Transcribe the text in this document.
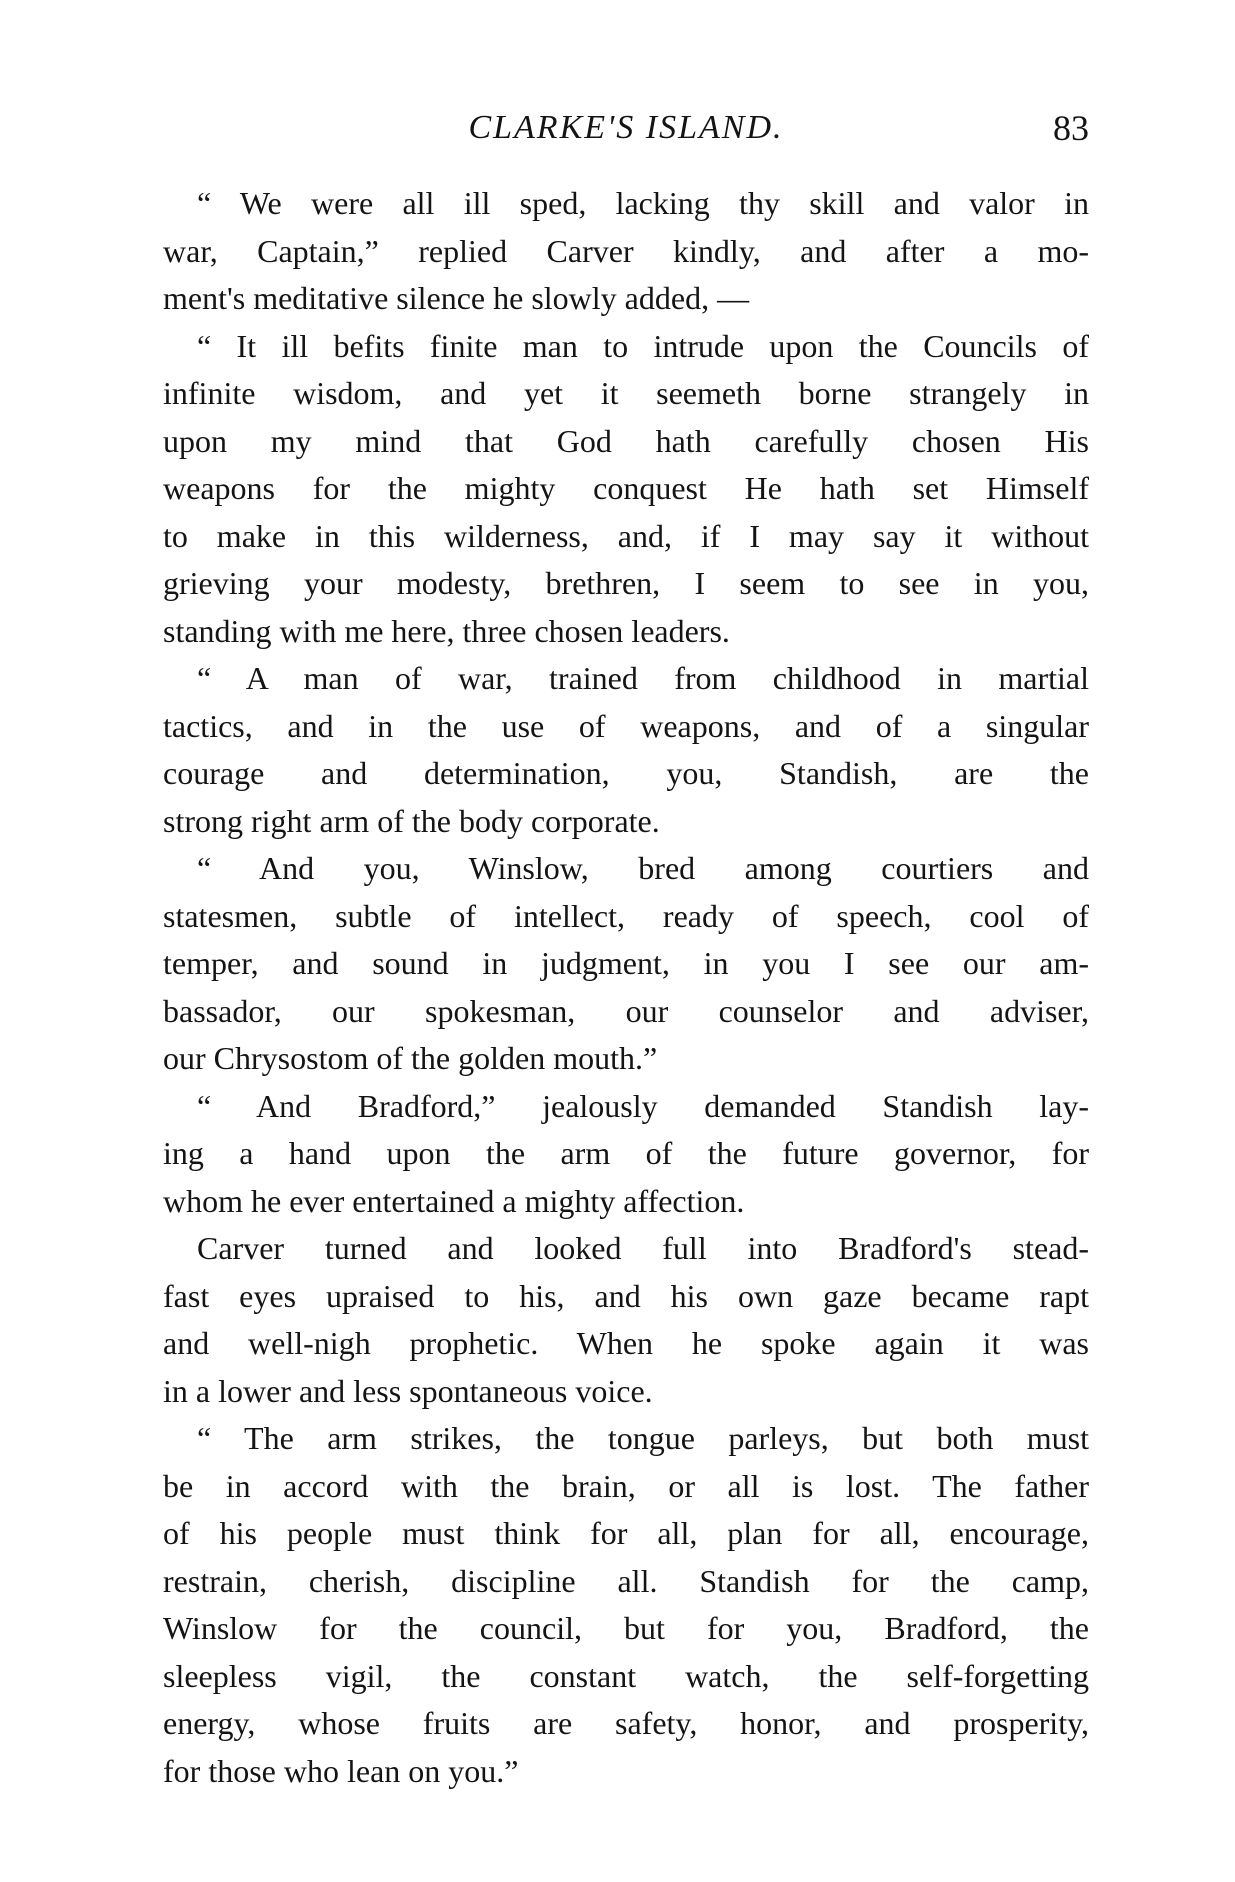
CLARKE'S ISLAND.	83
“ We were all ill sped, lacking thy skill and valor in
war, Captain,” replied Carver kindly, and after a mo-
ment's meditative silence he slowly added, —
“ It ill befits finite man to intrude upon the Councils of
infinite wisdom, and yet it seemeth borne strangely in
upon my mind that God hath carefully chosen His
weapons for the mighty conquest He hath set Himself
to make in this wilderness, and, if I may say it without
grieving your modesty, brethren, I seem to see in you,
standing with me here, three chosen leaders.
“ A man of war, trained from childhood in martial
tactics, and in the use of weapons, and of a singular
courage and determination, you, Standish, are the
strong right arm of the body corporate.
“ And you, Winslow, bred among courtiers and
statesmen, subtle of intellect, ready of speech, cool of
temper, and sound in judgment, in you I see our am-
bassador, our spokesman, our counselor and adviser,
our Chrysostom of the golden mouth.”
“ And Bradford,” jealously demanded Standish lay-
ing a hand upon the arm of the future governor, for
whom he ever entertained a mighty affection.
Carver turned and looked full into Bradford's stead-
fast eyes upraised to his, and his own gaze became rapt
and well-nigh prophetic. When he spoke again it was
in a lower and less spontaneous voice.
“ The arm strikes, the tongue parleys, but both must
be in accord with the brain, or all is lost. The father
of his people must think for all, plan for all, encourage,
restrain, cherish, discipline all. Standish for the camp,
Winslow for the council, but for you, Bradford, the
sleepless vigil, the constant watch, the self-forgetting
energy, whose fruits are safety, honor, and prosperity,
for those who lean on you.”
